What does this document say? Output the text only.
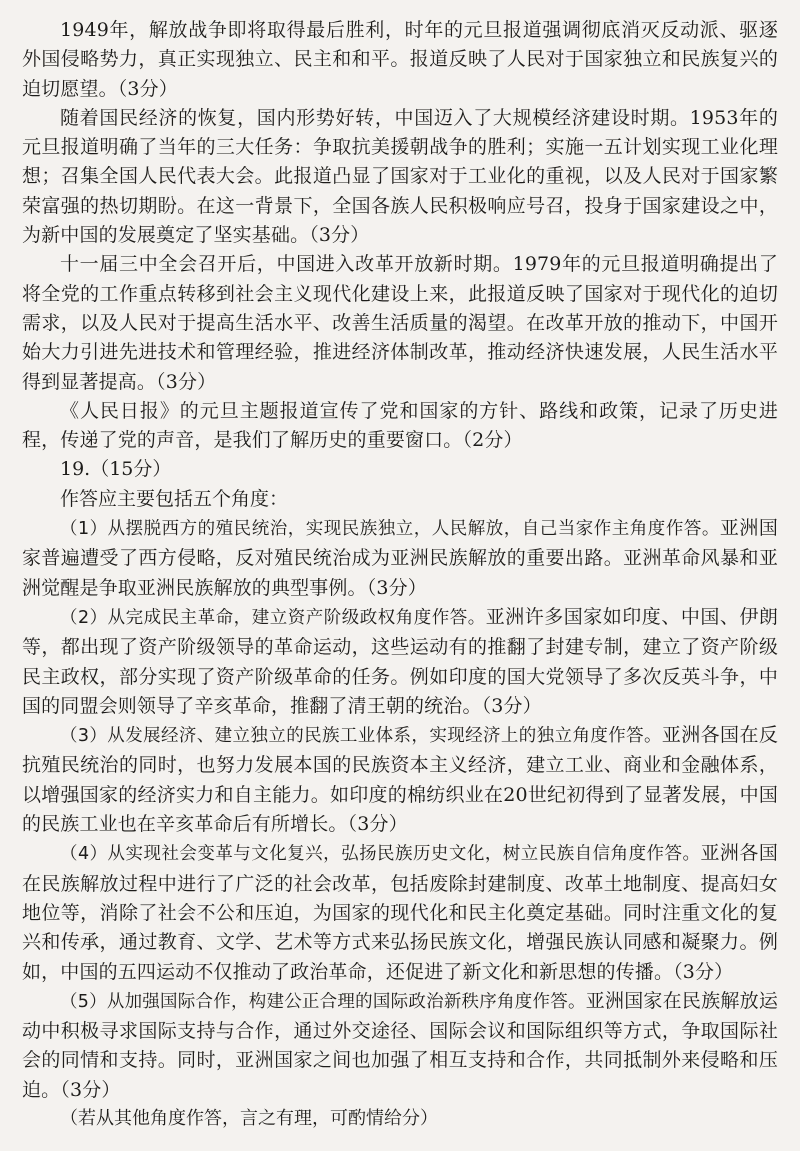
1949年，解放战争即将取得最后胜利，时年的元旦报道强调彻底消灭反动派、驱逐外国侵略势力，真正实现独立、民主和和平。报道反映了人民对于国家独立和民族复兴的迫切愿望。（3分）

随着国民经济的恢复，国内形势好转，中国迈入了大规模经济建设时期。1953年的元旦报道明确了当年的三大任务：争取抗美援朝战争的胜利；实施一五计划实现工业化理想；召集全国人民代表大会。此报道凸显了国家对于工业化的重视，以及人民对于国家繁荣富强的热切期盼。在这一背景下，全国各族人民积极响应号召，投身于国家建设之中，为新中国的发展奠定了坚实基础。（3分）

十一届三中全会召开后，中国进入改革开放新时期。1979年的元旦报道明确提出了将全党的工作重点转移到社会主义现代化建设上来，此报道反映了国家对于现代化的迫切需求，以及人民对于提高生活水平、改善生活质量的渴望。在改革开放的推动下，中国开始大力引进先进技术和管理经验，推进经济体制改革，推动经济快速发展，人民生活水平得到显著提高。（3分）

《人民日报》的元旦主题报道宣传了党和国家的方针、路线和政策，记录了历史进程，传递了党的声音，是我们了解历史的重要窗口。（2分）

19.（15分）

作答应主要包括五个角度：

（1）从摆脱西方的殖民统治，实现民族独立，人民解放，自己当家作主角度作答。亚洲国家普遍遭受了西方侵略，反对殖民统治成为亚洲民族解放的重要出路。亚洲革命风暴和亚洲觉醒是争取亚洲民族解放的典型事例。（3分）

（2）从完成民主革命，建立资产阶级政权角度作答。亚洲许多国家如印度、中国、伊朗等，都出现了资产阶级领导的革命运动，这些运动有的推翻了封建专制，建立了资产阶级民主政权，部分实现了资产阶级革命的任务。例如印度的国大党领导了多次反英斗争，中国的同盟会则领导了辛亥革命，推翻了清王朝的统治。（3分）

（3）从发展经济、建立独立的民族工业体系，实现经济上的独立角度作答。亚洲各国在反抗殖民统治的同时，也努力发展本国的民族资本主义经济，建立工业、商业和金融体系，以增强国家的经济实力和自主能力。如印度的棉纺织业在20世纪初得到了显著发展，中国的民族工业也在辛亥革命后有所增长。（3分）

（4）从实现社会变革与文化复兴，弘扬民族历史文化，树立民族自信角度作答。亚洲各国在民族解放过程中进行了广泛的社会改革，包括废除封建制度、改革土地制度、提高妇女地位等，消除了社会不公和压迫，为国家的现代化和民主化奠定基础。同时注重文化的复兴和传承，通过教育、文学、艺术等方式来弘扬民族文化，增强民族认同感和凝聚力。例如，中国的五四运动不仅推动了政治革命，还促进了新文化和新思想的传播。（3分）

（5）从加强国际合作，构建公正合理的国际政治新秩序角度作答。亚洲国家在民族解放运动中积极寻求国际支持与合作，通过外交途径、国际会议和国际组织等方式，争取国际社会的同情和支持。同时，亚洲国家之间也加强了相互支持和合作，共同抵制外来侵略和压迫。（3分）

（若从其他角度作答，言之有理，可酌情给分）
